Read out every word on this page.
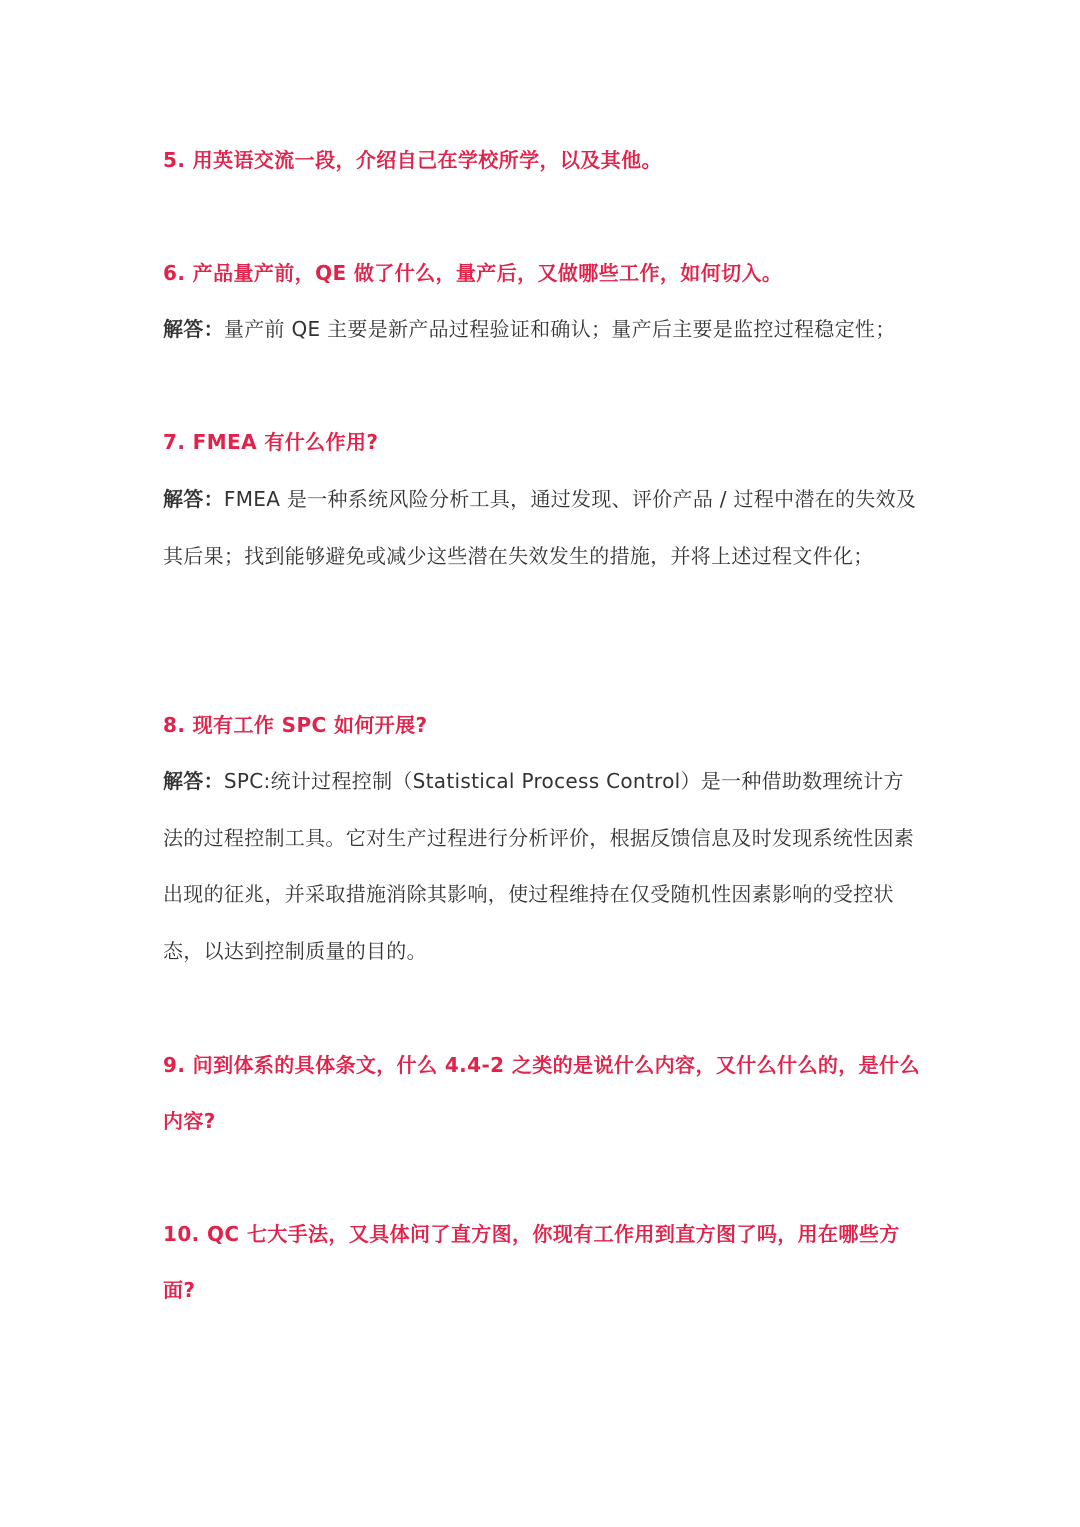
5. 用英语交流一段，介绍自己在学校所学，以及其他。

6. 产品量产前，QE 做了什么，量产后，又做哪些工作，如何切入。

解答：量产前 QE 主要是新产品过程验证和确认；量产后主要是监控过程稳定性；

7. FMEA 有什么作用?

解答：FMEA 是一种系统风险分析工具，通过发现、评价产品 / 过程中潜在的失效及其后果；找到能够避免或减少这些潜在失效发生的措施，并将上述过程文件化；

8. 现有工作 SPC 如何开展?

解答：SPC:统计过程控制（Statistical Process Control）是一种借助数理统计方法的过程控制工具。它对生产过程进行分析评价，根据反馈信息及时发现系统性因素出现的征兆，并采取措施消除其影响，使过程维持在仅受随机性因素影响的受控状态，以达到控制质量的目的。

9. 问到体系的具体条文，什么 4.4-2 之类的是说什么内容，又什么什么的，是什么内容?

10. QC 七大手法，又具体问了直方图，你现有工作用到直方图了吗，用在哪些方面?
